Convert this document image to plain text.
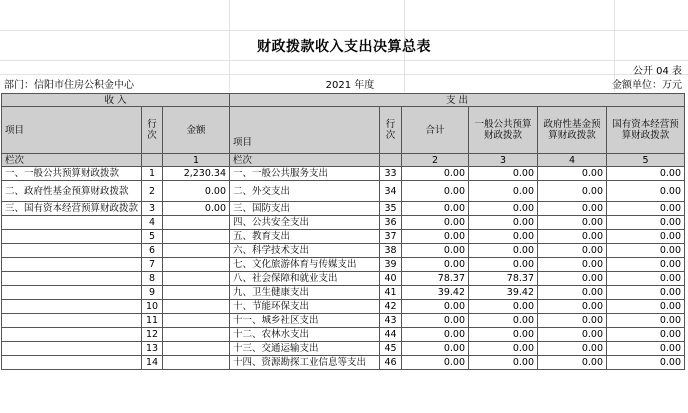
财政拨款收入支出决算总表
公开 04 表
部门：信阳市住房公积金中心	2021 年度	金额单位：万元
收 入			支 出					
项目	行次	金额	项目	行次	合计	一般公共预算财政拨款	政府性基金预算财政拨款	国有资本经营预算财政拨款
栏次		1	栏次		2	3	4	5
一、一般公共预算财政拨款	1	2,230.34	一、一般公共服务支出	33	0.00	0.00	0.00	0.00
二、政府性基金预算财政拨款	2	0.00	二、外交支出	34	0.00	0.00	0.00	0.00
三、国有资本经营预算财政拨款	3	0.00	三、国防支出	35	0.00	0.00	0.00	0.00
	4		四、公共安全支出	36	0.00	0.00	0.00	0.00
	5		五、教育支出	37	0.00	0.00	0.00	0.00
	6		六、科学技术支出	38	0.00	0.00	0.00	0.00
	7		七、文化旅游体育与传媒支出	39	0.00	0.00	0.00	0.00
	8		八、社会保障和就业支出	40	78.37	78.37	0.00	0.00
	9		九、卫生健康支出	41	39.42	39.42	0.00	0.00
	10		十、节能环保支出	42	0.00	0.00	0.00	0.00
	11		十一、城乡社区支出	43	0.00	0.00	0.00	0.00
	12		十二、农林水支出	44	0.00	0.00	0.00	0.00
	13		十三、交通运输支出	45	0.00	0.00	0.00	0.00
	14		十四、资源勘探工业信息等支出	46	0.00	0.00	0.00	0.00
